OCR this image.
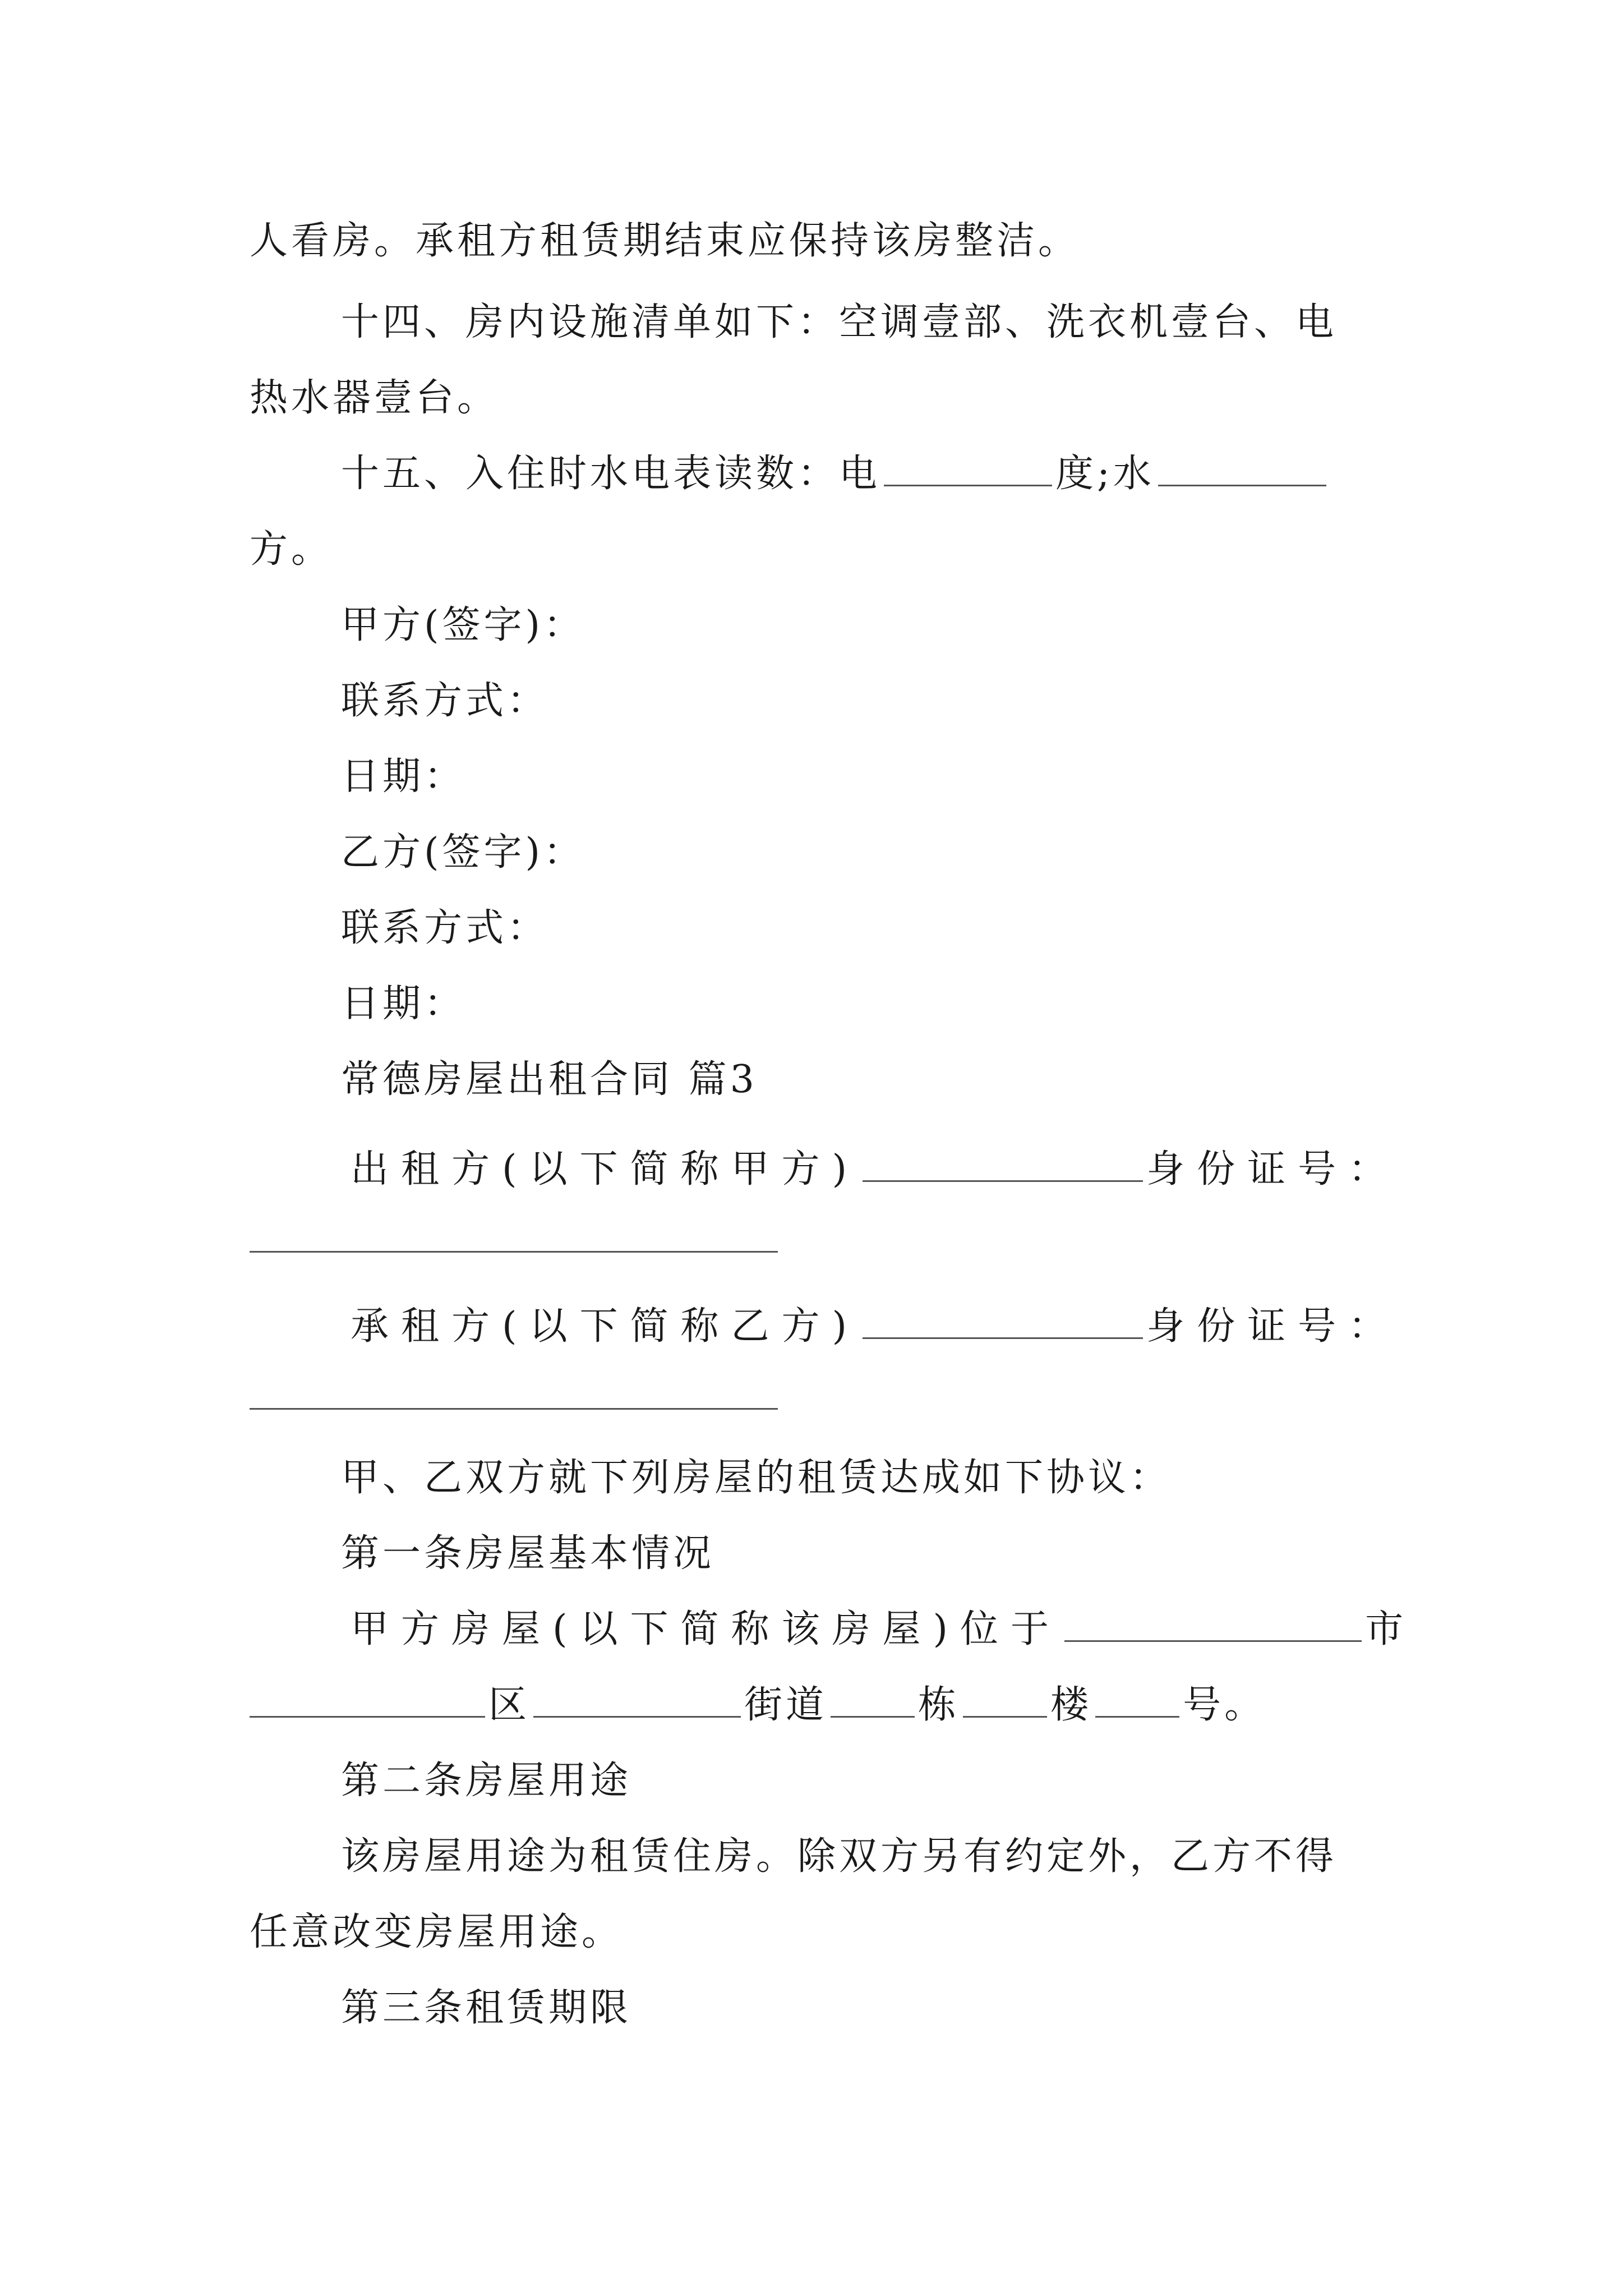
人看房。承租方租赁期结束应保持该房整洁。
十四、房内设施清单如下：空调壹部、洗衣机壹台、电
热水器壹台。
十五、入住时水电表读数：电	度;水
方。
甲方(签字)：
联系方式：
日期：
乙方(签字)：
联系方式：
日期：
常德房屋出租合同 篇3
出租方(以下简称甲方)	身份证号：
承租方(以下简称乙方)	身份证号：
甲、乙双方就下列房屋的租赁达成如下协议：
第一条房屋基本情况
甲方房屋(以下简称该房屋)位于	市
区	街道 栋 楼 号。
第二条房屋用途
该房屋用途为租赁住房。除双方另有约定外，乙方不得
任意改变房屋用途。
第三条租赁期限
